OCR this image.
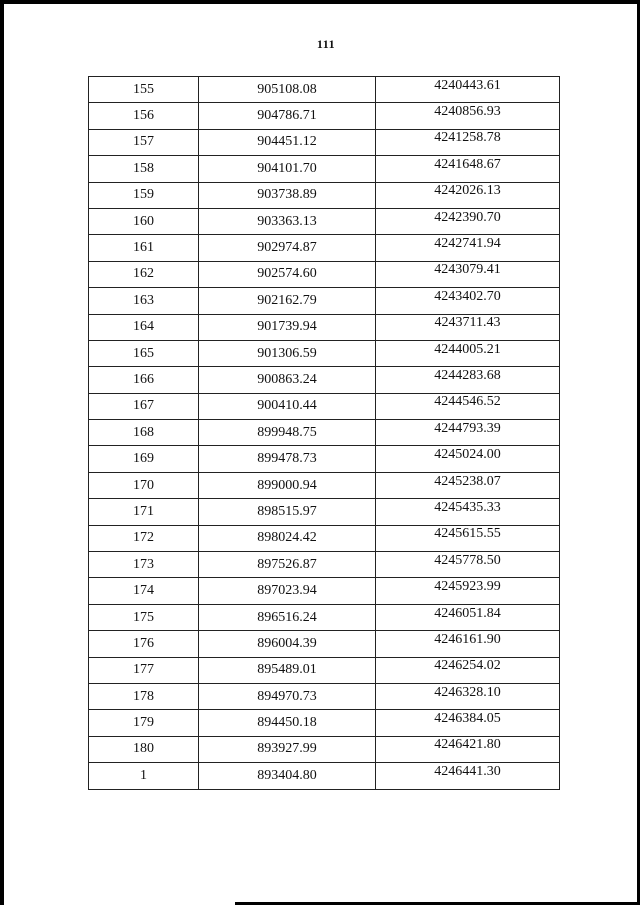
111
155	905108.08	4240443.61
156	904786.71	4240856.93
157	904451.12	4241258.78
158	904101.70	4241648.67
159	903738.89	4242026.13
160	903363.13	4242390.70
161	902974.87	4242741.94
162	902574.60	4243079.41
163	902162.79	4243402.70
164	901739.94	4243711.43
165	901306.59	4244005.21
166	900863.24	4244283.68
167	900410.44	4244546.52
168	899948.75	4244793.39
169	899478.73	4245024.00
170	899000.94	4245238.07
171	898515.97	4245435.33
172	898024.42	4245615.55
173	897526.87	4245778.50
174	897023.94	4245923.99
175	896516.24	4246051.84
176	896004.39	4246161.90
177	895489.01	4246254.02
178	894970.73	4246328.10
179	894450.18	4246384.05
180	893927.99	4246421.80
1	893404.80	4246441.30
